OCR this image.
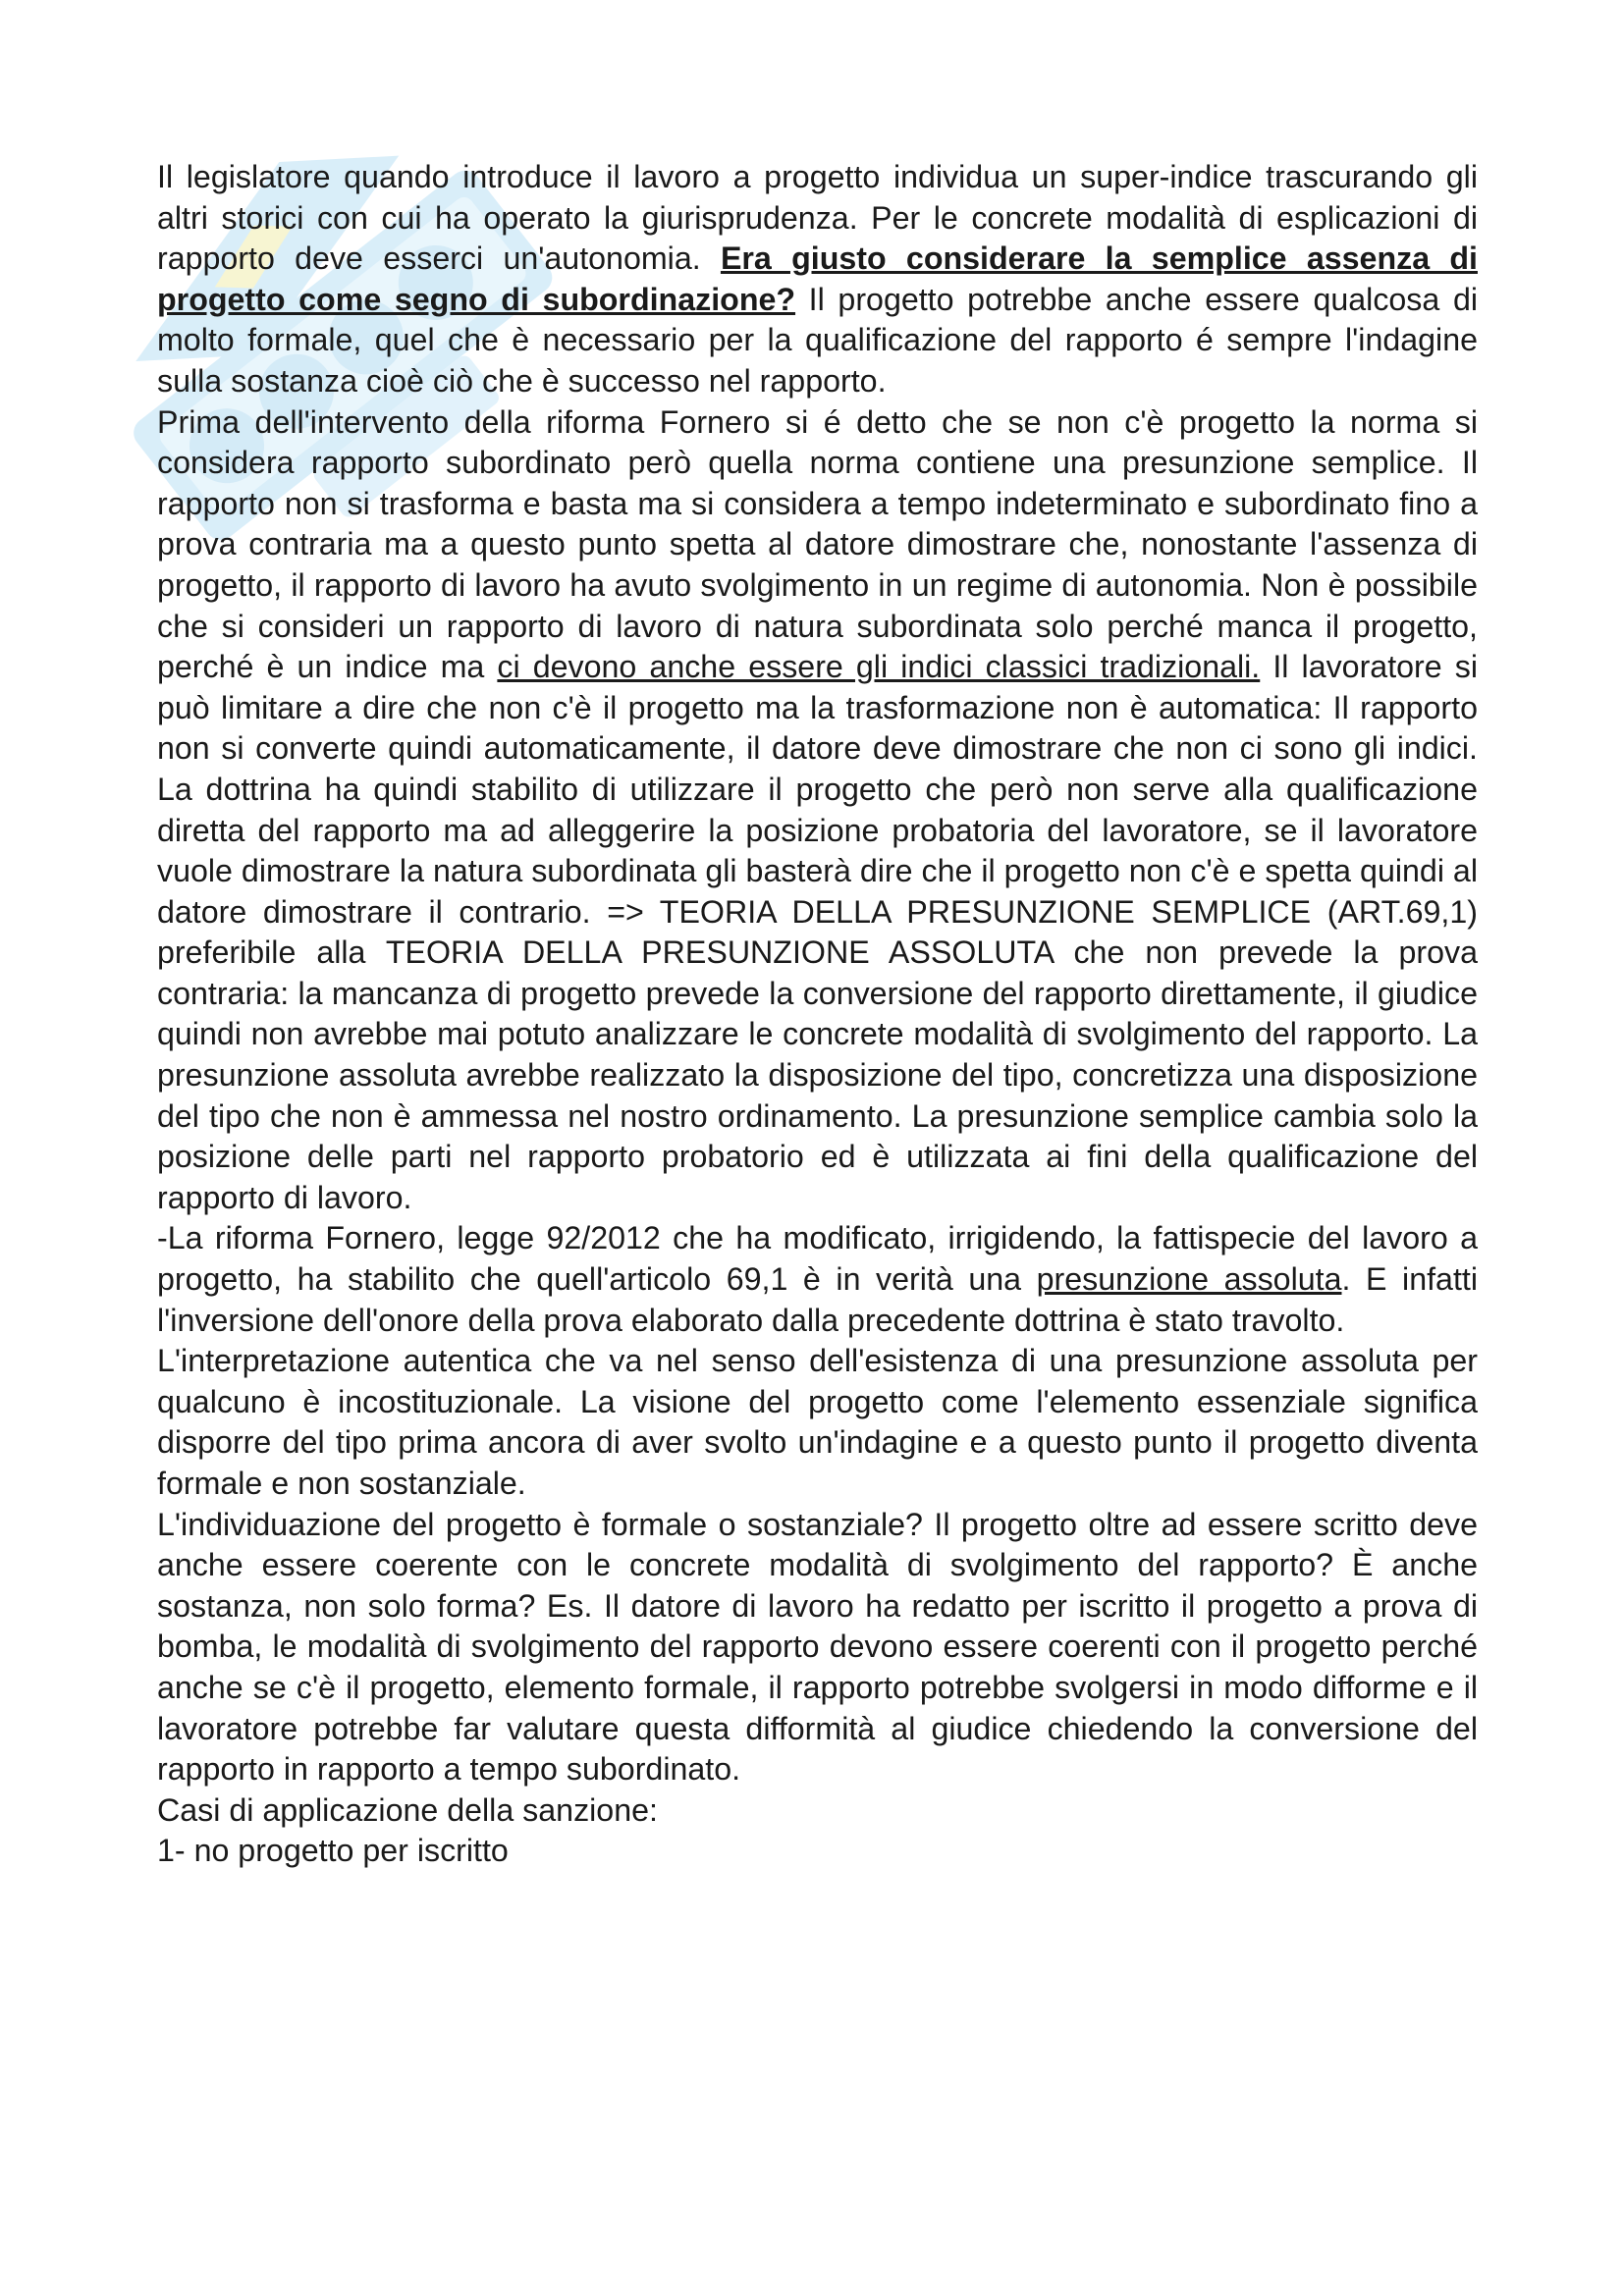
Il legislatore quando introduce il lavoro a progetto individua un super-indice trascurando gli altri storici con cui ha operato la giurisprudenza. Per le concrete modalità di esplicazioni di rapporto deve esserci un'autonomia. Era giusto considerare la semplice assenza di progetto come segno di subordinazione? Il progetto potrebbe anche essere qualcosa di molto formale, quel che è necessario per la qualificazione del rapporto é sempre l'indagine sulla sostanza cioè ciò che è successo nel rapporto.

Prima dell'intervento della riforma Fornero si é detto che se non c'è progetto la norma si considera rapporto subordinato però quella norma contiene una presunzione semplice. Il rapporto non si trasforma e basta ma si considera a tempo indeterminato e subordinato fino a prova contraria ma a questo punto spetta al datore dimostrare che, nonostante l'assenza di progetto, il rapporto di lavoro ha avuto svolgimento in un regime di autonomia. Non è possibile che si consideri un rapporto di lavoro di natura subordinata solo perché manca il progetto, perché è un indice ma ci devono anche essere gli indici classici tradizionali. Il lavoratore si può limitare a dire che non c'è il progetto ma la trasformazione non è automatica: Il rapporto non si converte quindi automaticamente, il datore deve dimostrare che non ci sono gli indici. La dottrina ha quindi stabilito di utilizzare il progetto che però non serve alla qualificazione diretta del rapporto ma ad alleggerire la posizione probatoria del lavoratore, se il lavoratore vuole dimostrare la natura subordinata gli basterà dire che il progetto non c'è e spetta quindi al datore dimostrare il contrario. => TEORIA DELLA PRESUNZIONE SEMPLICE (ART.69,1) preferibile alla TEORIA DELLA PRESUNZIONE ASSOLUTA che non prevede la prova contraria: la mancanza di progetto prevede la conversione del rapporto direttamente, il giudice quindi non avrebbe mai potuto analizzare le concrete modalità di svolgimento del rapporto. La presunzione assoluta avrebbe realizzato la disposizione del tipo, concretizza una disposizione del tipo che non è ammessa nel nostro ordinamento. La presunzione semplice cambia solo la posizione delle parti nel rapporto probatorio ed è utilizzata ai fini della qualificazione del rapporto di lavoro.

-La riforma Fornero, legge 92/2012 che ha modificato, irrigidendo, la fattispecie del lavoro a progetto, ha stabilito che quell'articolo 69,1 è in verità una presunzione assoluta. E infatti l'inversione dell'onore della prova elaborato dalla precedente dottrina è stato travolto.

L'interpretazione autentica che va nel senso dell'esistenza di una presunzione assoluta per qualcuno è incostituzionale. La visione del progetto come l'elemento essenziale significa disporre del tipo prima ancora di aver svolto un'indagine e a questo punto il progetto diventa formale e non sostanziale.

L'individuazione del progetto è formale o sostanziale? Il progetto oltre ad essere scritto deve anche essere coerente con le concrete modalità di svolgimento del rapporto? È anche sostanza, non solo forma? Es. Il datore di lavoro ha redatto per iscritto il progetto a prova di bomba, le modalità di svolgimento del rapporto devono essere coerenti con il progetto perché anche se c'è il progetto, elemento formale, il rapporto potrebbe svolgersi in modo difforme e il lavoratore potrebbe far valutare questa difformità al giudice chiedendo la conversione del rapporto in rapporto a tempo subordinato.

Casi di applicazione della sanzione:

1- no progetto per iscritto
